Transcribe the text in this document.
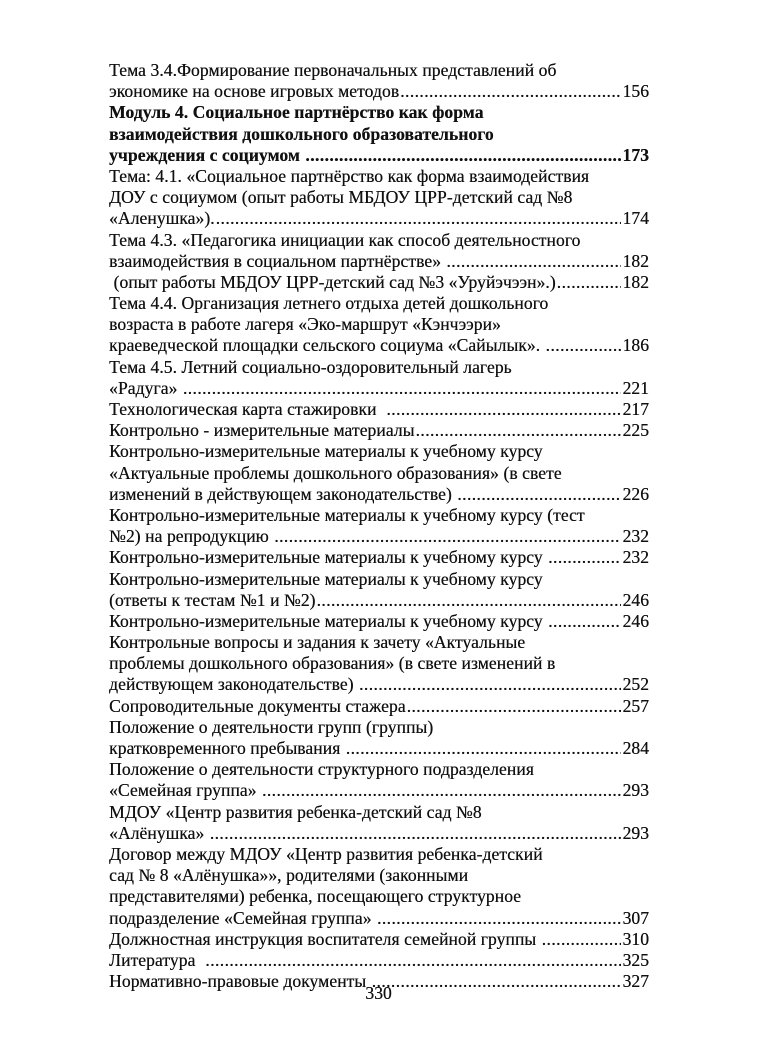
Тема 3.4.Формирование первоначальных представлений об
экономике на основе игровых методов .....	156
Модуль 4. Социальное партнёрство как форма
взаимодействия дошкольного образовательного
учреждения с социумом .....	173
Тема: 4.1. «Социальное партнёрство как форма взаимодействия
ДОУ с социумом (опыт работы МБДОУ ЦРР-детский сад №8
«Аленушка»). .....	174
Тема 4.3. «Педагогика инициации как способ деятельностного
взаимодействия в социальном партнёрстве» .....	182
(опыт работы МБДОУ ЦРР-детский сад №3 «Уруйэчээн».) .....	182
Тема 4.4. Организация летнего отдыха детей дошкольного
возраста в работе лагеря «Эко-маршрут «Кэнчээри»
краеведческой площадки сельского социума «Сайылык». .....	186
Тема 4.5. Летний социально-оздоровительный лагерь
«Радуга» .....	221
Технологическая карта стажировки .....	217
Контрольно - измерительные материалы .....	225
Контрольно-измерительные материалы к учебному курсу
«Актуальные проблемы дошкольного образования» (в свете
изменений в действующем законодательстве) .....	226
Контрольно-измерительные материалы к учебному курсу (тест
№2) на репродукцию .....	232
Контрольно-измерительные материалы к учебному курсу .....	232
Контрольно-измерительные материалы к учебному курсу
(ответы к тестам №1 и №2) .....	246
Контрольно-измерительные материалы к учебному курсу .....	246
Контрольные вопросы и задания к зачету «Актуальные
проблемы дошкольного образования» (в свете изменений в
действующем законодательстве) .....	252
Сопроводительные документы стажера .....	257
Положение о деятельности групп (группы)
кратковременного пребывания .....	284
Положение о деятельности структурного подразделения
«Семейная группа» .....	293
МДОУ «Центр развития ребенка-детский сад №8
«Алёнушка» .....	293
Договор между МДОУ «Центр развития ребенка-детский
сад № 8 «Алёнушка»», родителями (законными
представителями) ребенка, посещающего структурное
подразделение «Семейная группа» .....	307
Должностная инструкция воспитателя семейной группы .....	310
Литература .....	325
Нормативно-правовые документы .....	327
330
